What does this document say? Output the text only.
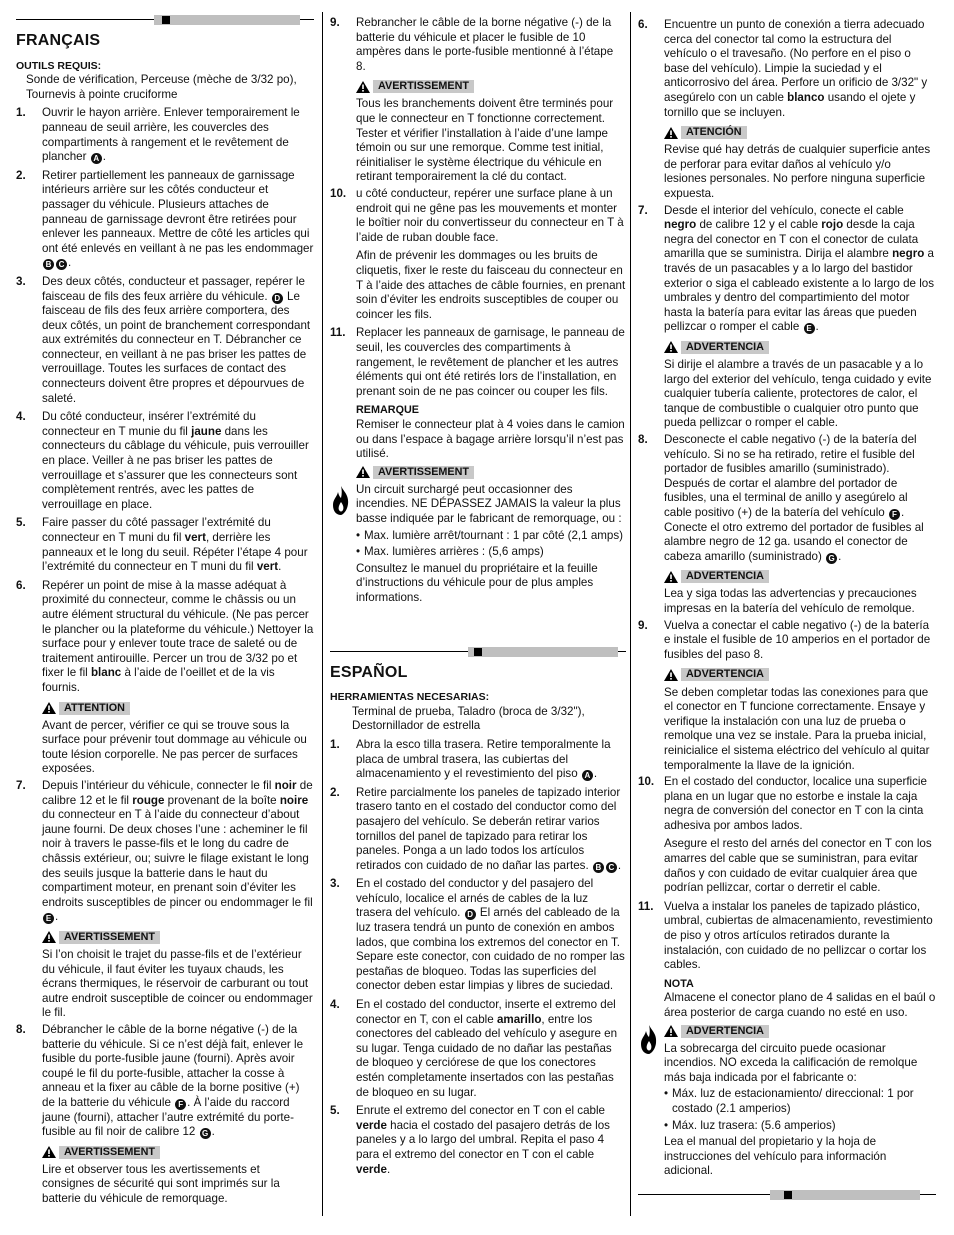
FRANÇAIS
OUTILS REQUIS:
Sonde de vérification, Perceuse (mèche de 3/32 po), Tournevis à pointe cruciforme
1.	Ouvrir le hayon arrière. Enlever temporairement le panneau de seuil arrière, les couvercles des compartiments à rangement et le revêtement de plancher A .
2.	Retirer partiellement les panneaux de garnissage intérieurs arrière sur les côtés conducteur et passager du véhicule. Plusieurs attaches de panneau de garnissage devront être retirées pour enlever les panneaux. Mettre de côté les articles qui ont été enlevés en veillant à ne pas les endommager B C .
3.	Des deux côtés, conducteur et passager, repérer le faisceau de fils des feux arrière du véhicule. D Le faisceau de fils des feux arrière comportera, des deux côtés, un point de branchement correspondant aux extrémités du connecteur en T. Débrancher ce connecteur, en veillant à ne pas briser les pattes de verrouillage. Toutes les surfaces de contact des connecteurs doivent être propres et dépourvues de saleté.
4.	Du côté conducteur, insérer l’extrémité du connecteur en T munie du fil jaune dans les connecteurs du câblage du véhicule, puis verrouiller en place. Veiller à ne pas briser les pattes de verrouillage et s’assurer que les connecteurs sont complètement rentrés, avec les pattes de verrouillage en place.
5.	Faire passer du côté passager l’extrémité du connecteur en T muni du fil vert, derrière les panneaux et le long du seuil. Répéter l’étape 4 pour l’extrémité du connecteur en T muni du fil vert.
6.	Repérer un point de mise à la masse adéquat à proximité du connecteur, comme le châssis ou un autre élément structural du véhicule. (Ne pas percer le plancher ou la plateforme du véhicule.) Nettoyer la surface pour y enlever toute trace de saleté ou de traitement antirouille. Percer un trou de 3/32 po et fixer le fil blanc à l’aide de l’oeillet et de la vis fournis.
ATTENTION
Avant de percer, vérifier ce qui se trouve sous la surface pour prévenir tout dommage au véhicule ou toute lésion corporelle. Ne pas percer de surfaces exposées.
7.	Depuis l’intérieur du véhicule, connecter le fil noir de calibre 12 et le fil rouge provenant de la boîte noire du connecteur en T à l’aide du connecteur d’about jaune fourni. De deux choses l’une : acheminer le fil noir à travers le passe-fils et le long du cadre de châssis extérieur, ou; suivre le filage existant le long des seuils jusque la batterie dans le haut du compartiment moteur, en prenant soin d’éviter les endroits susceptibles de pincer ou endommager le fil E .
AVERTISSEMENT
Si l’on choisit le trajet du passe-fils et de l’extérieur du véhicule, il faut éviter les tuyaux chauds, les écrans thermiques, le réservoir de carburant ou tout autre endroit susceptible de coincer ou endommager le fil.
8.	Débrancher le câble de la borne négative (-) de la batterie du véhicule. Si ce n’est déjà fait, enlever le fusible du porte-fusible jaune (fourni). Après avoir coupé le fil du porte-fusible, attacher la cosse à anneau et la fixer au câble de la borne positive (+) de la batterie du véhicule F . À l’aide du raccord jaune (fourni), attacher l’autre extrémité du porte-fusible au fil noir de calibre 12 G .
AVERTISSEMENT
Lire et observer tous les avertissements et consignes de sécurité qui sont imprimés sur la batterie du véhicule de remorquage.
9.	Rebrancher le câble de la borne négative (-) de la batterie du véhicule et placer le fusible de 10 ampères dans le porte-fusible mentionné à l’étape 8.
AVERTISSEMENT
Tous les branchements doivent être terminés pour que le connecteur en T fonctionne correctement. Tester et vérifier l’installation à l’aide d’une lampe témoin ou sur une remorque. Comme test initial, réinitialiser le système électrique du véhicule en retirant temporairement la clé du contact.
10. u côté conducteur, repérer une surface plane à un endroit qui ne gêne pas les mouvements et monter le boîtier noir du convertisseur du connecteur en T à l’aide de ruban double face.
Afin de prévenir les dommages ou les bruits de cliquetis, fixer le reste du faisceau du connecteur en T à l’aide des attaches de câble fournies, en prenant soin d’éviter les endroits susceptibles de couper ou coincer les fils.
11. Replacer les panneaux de garnisage, le panneau de seuil, les couvercles des compartiments à rangement, le revêtement de plancher et les autres éléments qui ont été retirés lors de l’installation, en prenant soin de ne pas coincer ou couper les fils.
REMARQUE
Remiser le connecteur plat à 4 voies dans le camion ou dans l’espace à bagage arrière lorsqu’il n’est pas utilisé.
AVERTISSEMENT
Un circuit surchargé peut occasionner des incendies. NE DÉPASSEZ JAMAIS la valeur la plus basse indiquée par le fabricant de remorquage, ou :
• Max. lumière arrêt/tournant : 1 par côté (2,1 amps)
• Max. lumières arrières : (5,6 amps)
Consultez le manuel du propriétaire et la feuille d’instructions du véhicule pour de plus amples informations.
ESPAÑOL
HERRAMIENTAS NECESARIAS:
Terminal de prueba, Taladro (broca de 3/32"), Destornillador de estrella
1.	Abra la esco tilla trasera. Retire temporalmente la placa de umbral trasera, las cubiertas del almacenamiento y el revestimiento del piso A .
2.	Retire parcialmente los paneles de tapizado interior trasero tanto en el costado del conductor como del pasajero del vehículo. Se deberán retirar varios tornillos del panel de tapizado para retirar los paneles. Ponga a un lado todos los artículos retirados con cuidado de no dañar las partes. B C .
3.	En el costado del conductor y del pasajero del vehículo, localice el arnés de cables de la luz trasera del vehículo. D El arnés del cableado de la luz trasera tendrá un punto de conexión en ambos lados, que combina los extremos del conector en T. Separe este conector, con cuidado de no romper las pestañas de bloqueo. Todas las superficies del conector deben estar limpias y libres de suciedad.
4.	En el costado del conductor, inserte el extremo del conector en T, con el cable amarillo, entre los conectores del cableado del vehículo y asegure en su lugar. Tenga cuidado de no dañar las pestañas de bloqueo y cerciórese de que los conectores estén completamente insertados con las pestañas de bloqueo en su lugar.
5.	Enrute el extremo del conector en T con el cable verde hacia el costado del pasajero detrás de los paneles y a lo largo del umbral. Repita el paso 4 para el extremo del conector en T con el cable verde.
6.	Encuentre un punto de conexión a tierra adecuado cerca del conector tal como la estructura del vehículo o el travesaño. (No perfore en el piso o base del vehículo). Limpie la suciedad y el anticorrosivo del área. Perfore un orificio de 3/32" y asegúrelo con un cable blanco usando el ojete y tornillo que se incluyen.
ATENCIÓN
Revise qué hay detrás de cualquier superficie antes de perforar para evitar daños al vehículo y/o lesiones personales. No perfore ninguna superficie expuesta.
7.	Desde el interior del vehículo, conecte el cable negro de calibre 12 y el cable rojo desde la caja negra del conector en T con el conector de culata amarilla que se suministra. Dirija el alambre negro a través de un pasacables y a lo largo del bastidor exterior o siga el cableado existente a lo largo de los umbrales y dentro del compartimiento del motor hasta la batería para evitar las áreas que pueden pellizcar o romper el cable E .
ADVERTENCIA
Si dirije el alambre a través de un pasacable y a lo largo del exterior del vehículo, tenga cuidado y evite cualquier tubería caliente, protectores de calor, el tanque de combustible o cualquier otro punto que pueda pellizcar o romper el cable.
8.	Desconecte el cable negativo (-) de la batería del vehículo. Si no se ha retirado, retire el fusible del portador de fusibles amarillo (suministrado). Después de cortar el alambre del portador de fusibles, una el terminal de anillo y asegúrelo al cable positivo (+) de la batería del vehículo F . Conecte el otro extremo del portador de fusibles al alambre negro de 12 ga. usando el conector de cabeza amarillo (suministrado) G .
ADVERTENCIA
Lea y siga todas las advertencias y precauciones impresas en la batería del vehículo de remolque.
9.	Vuelva a conectar el cable negativo (-) de la batería e instale el fusible de 10 amperios en el portador de fusibles del paso 8.
ADVERTENCIA
Se deben completar todas las conexiones para que el conector en T funcione correctamente. Ensaye y verifique la instalación con una luz de prueba o remolque una vez se instale. Para la prueba inicial, reinicialice el sistema eléctrico del vehículo al quitar temporalmente la llave de la ignición.
10. En el costado del conductor, localice una superficie plana en un lugar que no estorbe e instale la caja negra de conversión del conector en T con la cinta adhesiva por ambos lados.
Asegure el resto del arnés del conector en T con los amarres del cable que se suministran, para evitar daños y con cuidado de evitar cualquier área que podrían pellizcar, cortar o derretir el cable.
11. Vuelva a instalar los paneles de tapizado plástico, umbral, cubiertas de almacenamiento, revestimiento de piso y otros artículos retirados durante la instalación, con cuidado de no pellizcar o cortar los cables.
NOTA
Almacene el conector plano de 4 salidas en el baúl o área posterior de carga cuando no esté en uso.
ADVERTENCIA
La sobrecarga del circuito puede ocasionar incendios. NO exceda la calificación de remolque más baja indicada por el fabricante o:
• Máx. luz de estacionamiento/ direccional: 1 por costado (2.1 amperios)
• Máx. luz trasera: (5.6 amperios)
Lea el manual del propietario y la hoja de instrucciones del vehículo para información adicional.
